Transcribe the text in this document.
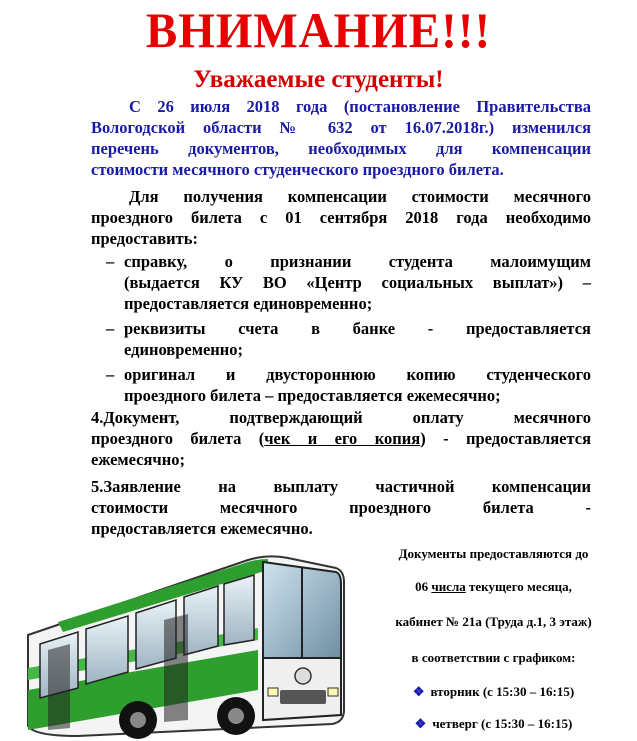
ВНИМАНИЕ!!!
Уважаемые студенты!
С 26 июля 2018 года (постановление Правительства
Вологодской области № 632 от 16.07.2018г.) изменился
перечень документов, необходимых для компенсации
стоимости месячного студенческого проездного билета.
Для получения компенсации стоимости месячного
проездного билета с 01 сентября 2018 года необходимо
предоставить:
– справку, о признании студента малоимущим
(выдается КУ ВО «Центр социальных выплат») –
предоставляется единовременно;
– реквизиты счета в банке - предоставляется
единовременно;
– оригинал и двустороннюю копию студенческого
проездного билета – предоставляется ежемесячно;
4.Документ, подтверждающий оплату месячного
проездного билета (чек и его копия) - предоставляется
ежемесячно;
5.Заявление на выплату частичной компенсации
стоимости месячного проездного билета -
предоставляется ежемесячно.
Документы предоставляются до
06 числа текущего месяца,
кабинет № 21а (Труда д.1, 3 этаж)
в соответствии с графиком:
❖ вторник (с 15:30 – 16:15)
❖ четверг (с 15:30 – 16:15)
